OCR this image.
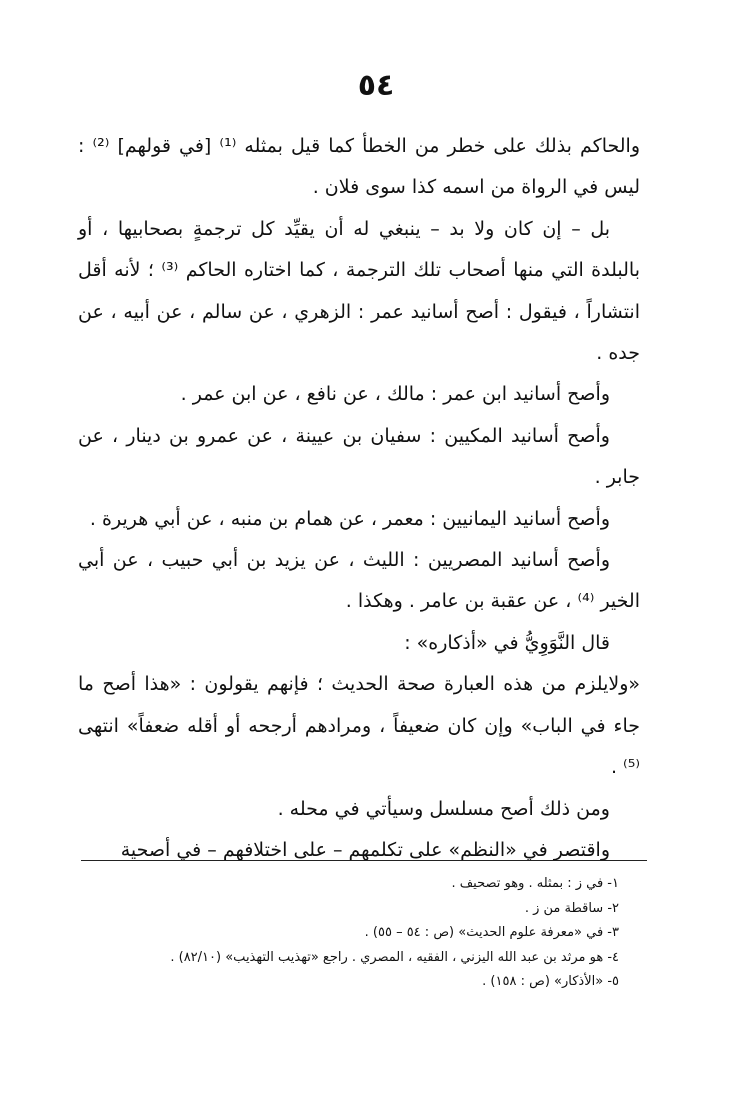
٥٤

والحاكم بذلك على خطر من الخطأ كما قيل بمثله ⁽¹⁾ [في قولهم] ⁽²⁾ : ليس في الرواة من اسمه كذا سوى فلان .

بل – إن كان ولا بد – ينبغي له أن يقيِّد كل ترجمةٍ بصحابيها ، أو بالبلدة التي منها أصحاب تلك الترجمة ، كما اختاره الحاكم ⁽³⁾ ؛ لأنه أقل انتشاراً ، فيقول : أصح أسانيد عمر : الزهري ، عن سالم ، عن أبيه ، عن جده .

وأصح أسانيد ابن عمر : مالك ، عن نافع ، عن ابن عمر .

وأصح أسانيد المكيين : سفيان بن عيينة ، عن عمرو بن دينار ، عن جابر .

وأصح أسانيد اليمانيين : معمر ، عن همام بن منبه ، عن أبي هريرة .

وأصح أسانيد المصريين : الليث ، عن يزيد بن أبي حبيب ، عن أبي الخير ⁽⁴⁾ ، عن عقبة بن عامر . وهكذا .

قال النَّوَوِيُّ في «أذكاره» :

«ولايلزم من هذه العبارة صحة الحديث ؛ فإنهم يقولون : «هذا أصح ما جاء في الباب» وإن كان ضعيفاً ، ومرادهم أرجحه أو أقله ضعفاً» انتهى ⁽⁵⁾ .

ومن ذلك أصح مسلسل وسيأتي في محله .

واقتصر في «النظم» على تكلمهم – على اختلافهم – في أصحية

١- في ز : بمثله . وهو تصحيف .

٢- ساقطة من ز .

٣- في «معرفة علوم الحديث» (ص : ٥٤ – ٥٥) .

٤- هو مرثد بن عبد الله اليزني ، الفقيه ، المصري . راجع «تهذيب التهذيب» (٨٢/١٠) .

٥- «الأذكار» (ص : ١٥٨) .
